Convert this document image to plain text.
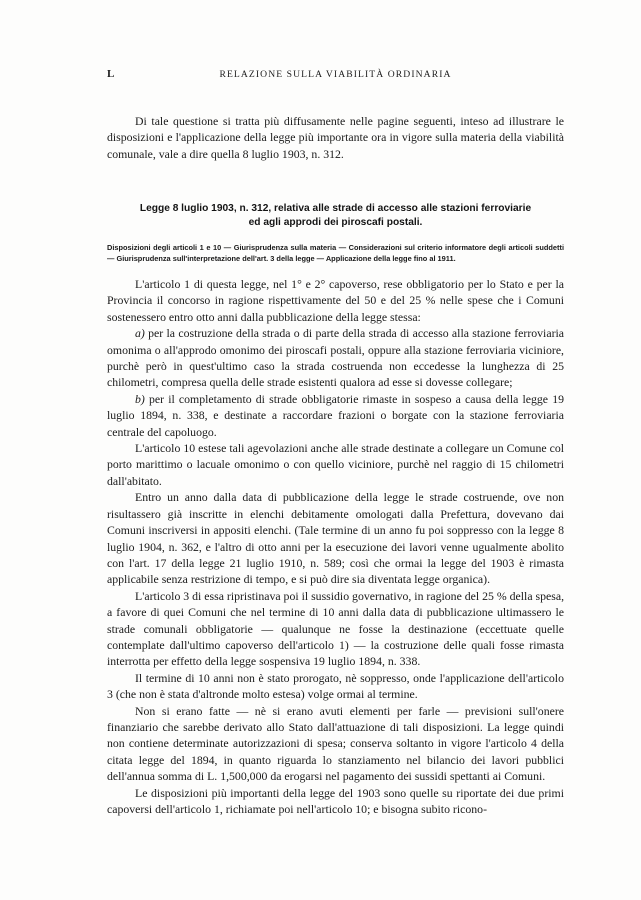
L	RELAZIONE SULLA VIABILITÀ ORDINARIA

Di tale questione si tratta più diffusamente nelle pagine seguenti, inteso ad illustrare le disposizioni e l'applicazione della legge più importante ora in vigore sulla materia della viabilità comunale, vale a dire quella 8 luglio 1903, n. 312.

Legge 8 luglio 1903, n. 312, relativa alle strade di accesso alle stazioni ferroviarie
ed agli approdi dei piroscafi postali.
Disposizioni degli articoli 1 e 10 — Giurisprudenza sulla materia — Considerazioni sul criterio informatore degli articoli suddetti — Giurisprudenza sull'interpretazione dell'art. 3 della legge — Applicazione della legge fino al 1911.

L'articolo 1 di questa legge, nel 1° e 2° capoverso, rese obbligatorio per lo Stato e per la Provincia il concorso in ragione rispettivamente del 50 e del 25 % nelle spese che i Comuni sostenessero entro otto anni dalla pubblicazione della legge stessa:

a) per la costruzione della strada o di parte della strada di accesso alla stazione ferroviaria omonima o all'approdo omonimo dei piroscafi postali, oppure alla stazione ferroviaria viciniore, purchè però in quest'ultimo caso la strada costruenda non eccedesse la lunghezza di 25 chilometri, compresa quella delle strade esistenti qualora ad esse si dovesse collegare;

b) per il completamento di strade obbligatorie rimaste in sospeso a causa della legge 19 luglio 1894, n. 338, e destinate a raccordare frazioni o borgate con la stazione ferroviaria centrale del capoluogo.

L'articolo 10 estese tali agevolazioni anche alle strade destinate a collegare un Comune col porto marittimo o lacuale omonimo o con quello viciniore, purchè nel raggio di 15 chilometri dall'abitato.

Entro un anno dalla data di pubblicazione della legge le strade costruende, ove non risultassero già inscritte in elenchi debitamente omologati dalla Prefettura, dovevano dai Comuni inscriversi in appositi elenchi. (Tale termine di un anno fu poi soppresso con la legge 8 luglio 1904, n. 362, e l'altro di otto anni per la esecuzione dei lavori venne ugualmente abolito con l'art. 17 della legge 21 luglio 1910, n. 589; così che ormai la legge del 1903 è rimasta applicabile senza restrizione di tempo, e si può dire sia diventata legge organica).

L'articolo 3 di essa ripristinava poi il sussidio governativo, in ragione del 25 % della spesa, a favore di quei Comuni che nel termine di 10 anni dalla data di pubblicazione ultimassero le strade comunali obbligatorie — qualunque ne fosse la destinazione (eccettuate quelle contemplate dall'ultimo capoverso dell'articolo 1) — la costruzione delle quali fosse rimasta interrotta per effetto della legge sospensiva 19 luglio 1894, n. 338.

Il termine di 10 anni non è stato prorogato, nè soppresso, onde l'applicazione dell'articolo 3 (che non è stata d'altronde molto estesa) volge ormai al termine.

Non si erano fatte — nè si erano avuti elementi per farle — previsioni sull'onere finanziario che sarebbe derivato allo Stato dall'attuazione di tali disposizioni. La legge quindi non contiene determinate autorizzazioni di spesa; conserva soltanto in vigore l'articolo 4 della citata legge del 1894, in quanto riguarda lo stanziamento nel bilancio dei lavori pubblici dell'annua somma di L. 1,500,000 da erogarsi nel pagamento dei sussidi spettanti ai Comuni.

Le disposizioni più importanti della legge del 1903 sono quelle su riportate dei due primi capoversi dell'articolo 1, richiamate poi nell'articolo 10; e bisogna subito ricono-
